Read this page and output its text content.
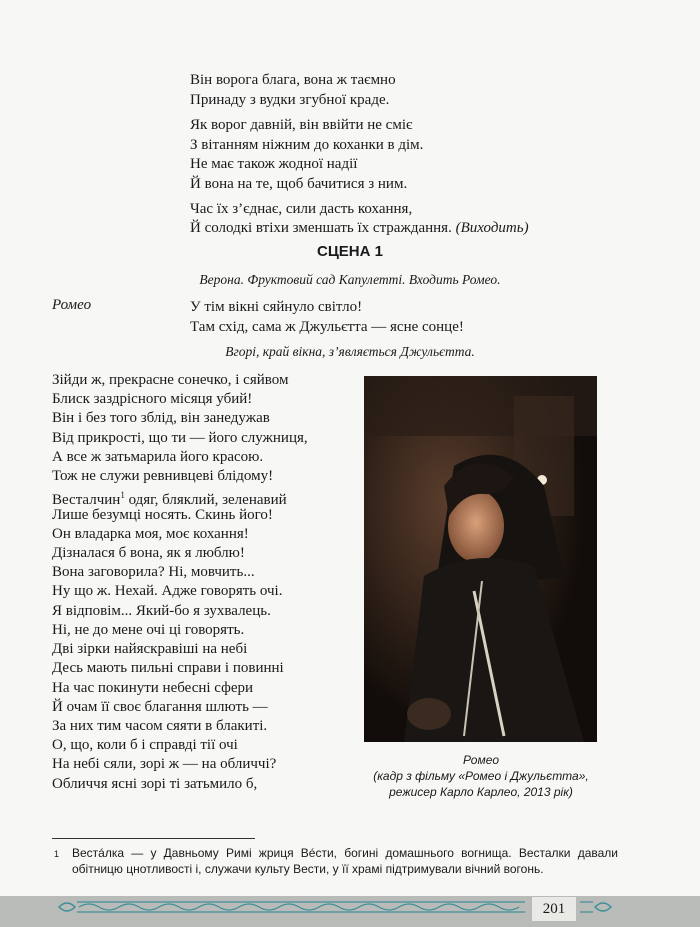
Він ворога блага, вона ж таємно
Принаду з вудки згубної краде.
Як ворог давній, він ввійти не сміє
З вітанням ніжним до коханки в дім.
Не має також жодної надії
Й вона на те, щоб бачитися з ним.
Час їх з’єднає, сили дасть кохання,
Й солодкі втіхи зменшать їх страждання. (Виходить)
СЦЕНА 1
Верона. Фруктовий сад Капулетті. Входить Ромео.
Ромео	У тім вікні сяйнуло світло!
Там схід, сама ж Джульєтта — ясне сонце!
Вгорі, край вікна, з’являється Джульєтта.
Зійди ж, прекрасне сонечко, і сяйвом
Блиск заздрісного місяця убий!
Він і без того зблід, він занедужав
Від прикрості, що ти — його служниця,
А все ж затьмарила його красою.
Тож не служи ревнивцеві блідому!
Весталчин$^1$ одяг, бляклий, зеленавий
Лише безумці носять. Скинь його!
Он владарка моя, моє кохання!
Дізналася б вона, як я люблю!
Вона заговорила? Ні, мовчить...
Ну що ж. Нехай. Адже говорять очі.
Я відповім... Який-бо я зухвалець.
Ні, не до мене очі ці говорять.
Дві зірки найяскравіші на небі
Десь мають пильні справи і повинні
На час покинути небесні сфери
Й очам її своє благання шлють —
За них тим часом сяяти в блакиті.
О, що, коли б і справді тії очі
На небі сяли, зорі ж — на обличчі?
Обличчя ясні зорі ті затьмило б,
Ромео
(кадр з фільму «Ромео і Джульєтта»,
режисер Карло Карлео, 2013 рік)
1 Вестáлка — у Давньому Римі жриця Вéсти, богині домашнього вогнища. Весталки давали обітницю цнотливості і, служачи культу Вести, у її храмі підтримували вічний вогонь.
201
